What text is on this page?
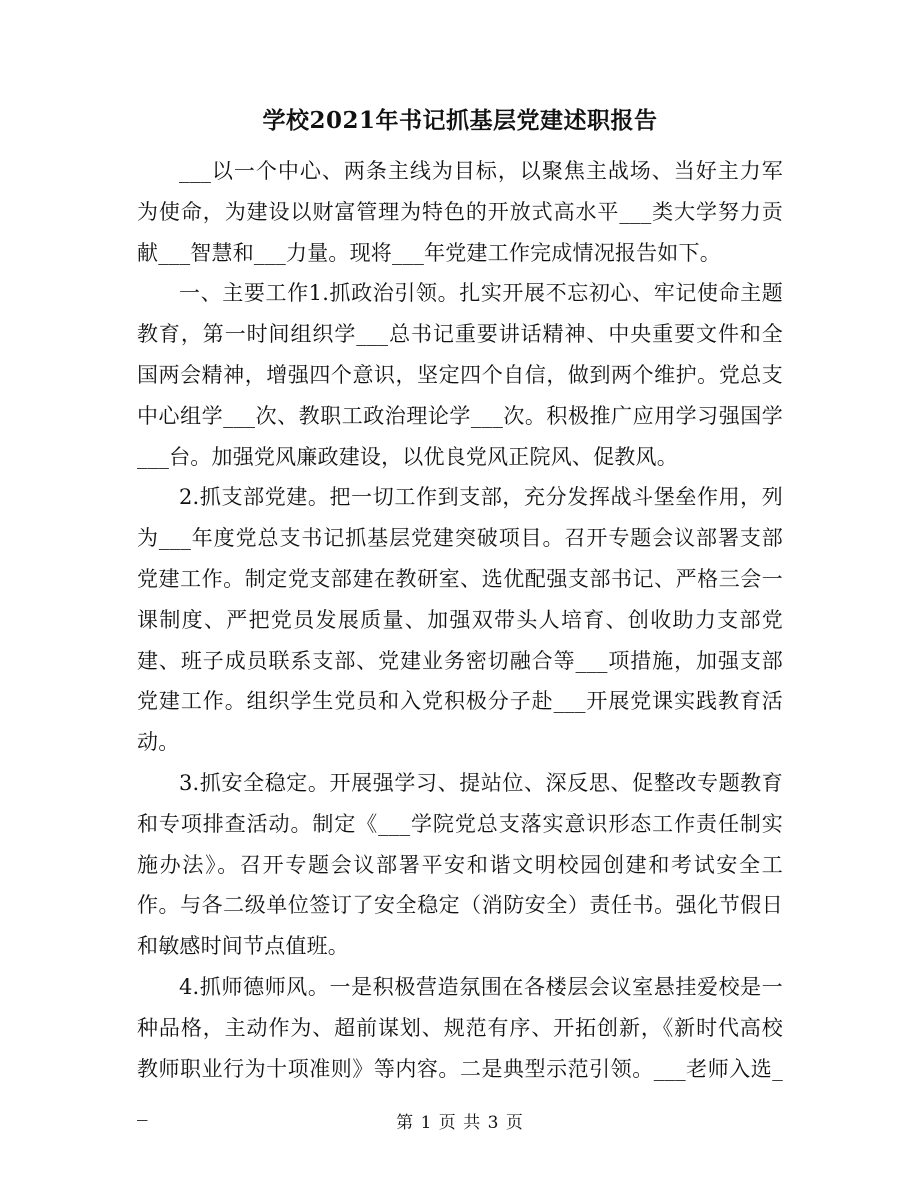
学校2021年书记抓基层党建述职报告

___以一个中心、两条主线为目标，以聚焦主战场、当好主力军为使命，为建设以财富管理为特色的开放式高水平___类大学努力贡献___智慧和___力量。现将___年党建工作完成情况报告如下。

一、主要工作1.抓政治引领。扎实开展不忘初心、牢记使命主题教育，第一时间组织学___总书记重要讲话精神、中央重要文件和全国两会精神，增强四个意识，坚定四个自信，做到两个维护。党总支中心组学___次、教职工政治理论学___次。积极推广应用学习强国学___台。加强党风廉政建设，以优良党风正院风、促教风。

2.抓支部党建。把一切工作到支部，充分发挥战斗堡垒作用，列为___年度党总支书记抓基层党建突破项目。召开专题会议部署支部党建工作。制定党支部建在教研室、选优配强支部书记、严格三会一课制度、严把党员发展质量、加强双带头人培育、创收助力支部党建、班子成员联系支部、党建业务密切融合等___项措施，加强支部党建工作。组织学生党员和入党积极分子赴___开展党课实践教育活动。

3.抓安全稳定。开展强学习、提站位、深反思、促整改专题教育和专项排查活动。制定《___学院党总支落实意识形态工作责任制实施办法》。召开专题会议部署平安和谐文明校园创建和考试安全工作。与各二级单位签订了安全稳定（消防安全）责任书。强化节假日和敏感时间节点值班。

4.抓师德师风。一是积极营造氛围在各楼层会议室悬挂爱校是一种品格，主动作为、超前谋划、规范有序、开拓创新，《新时代高校教师职业行为十项准则》等内容。二是典型示范引领。___老师入选__

第 1 页 共 3 页
